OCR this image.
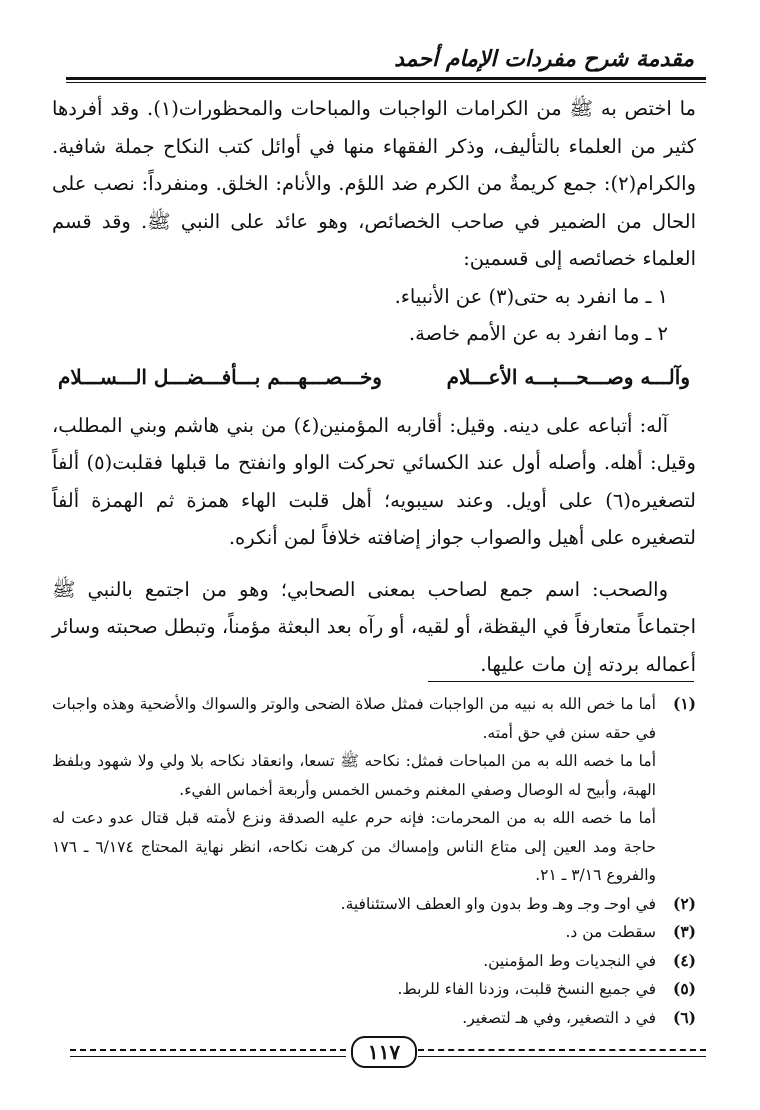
مقدمة شرح مفردات الإمام أحمد

ما اختص به ﷺ من الكرامات الواجبات والمباحات والمحظورات(١). وقد أفردها كثير من العلماء بالتأليف، وذكر الفقهاء منها في أوائل كتب النكاح جملة شافية. والكرام(٢): جمع كريمةٌ من الكرم ضد اللؤم. والأنام: الخلق. ومنفرداً: نصب على الحال من الضمير في صاحب الخصائص، وهو عائد على النبي ﷺ. وقد قسم العلماء خصائصه إلى قسمين:

١ ـ ما انفرد به حتى(٣) عن الأنبياء.

٢ ـ وما انفرد به عن الأمم خاصة.

وآلـــه وصـــحـــبـــه الأعـــلام
وخـــصـــهـــم بـــأفـــضـــل الـــســـلام

آله: أتباعه على دينه. وقيل: أقاربه المؤمنين(٤) من بني هاشم وبني المطلب، وقيل: أهله. وأصله أول عند الكسائي تحركت الواو وانفتح ما قبلها فقلبت(٥) ألفاً لتصغيره(٦) على أويل. وعند سيبويه؛ أهل قلبت الهاء همزة ثم الهمزة ألفاً لتصغيره على أهيل والصواب جواز إضافته خلافاً لمن أنكره.

والصحب: اسم جمع لصاحب بمعنى الصحابي؛ وهو من اجتمع بالنبي ﷺ اجتماعاً متعارفاً في اليقظة، أو لقيه، أو رآه بعد البعثة مؤمناً، وتبطل صحبته وسائر أعماله بردته إن مات عليها.

(١)
أما ما خص الله به نبيه من الواجبات فمثل صلاة الضحى والوتر والسواك والأضحية وهذه واجبات في حقه سنن في حق أمته.

أما ما خصه الله به من المباحات فمثل: نكاحه ﷺ تسعا، وانعقاد نكاحه بلا ولي ولا شهود وبلفظ الهبة، وأبيح له الوصال وصفي المغنم وخمس الخمس وأربعة أخماس الفيء.

أما ما خصه الله به من المحرمات: فإنه حرم عليه الصدقة ونزع لأمته قبل قتال عدو دعت له حاجة ومد العين إلى متاع الناس وإمساك من كرهت نكاحه، انظر نهاية المحتاج ٦/١٧٤ ـ ١٧٦ والفروع ٣/١٦ ـ ٢١.

(٢)
في اوحـ وجـ وهـ وط بدون واو العطف الاستئنافية.
(٣)
سقطت من د.
(٤)
في النجديات وط المؤمنين.
(٥)
في جميع النسخ قلبت، وزدنا الفاء للربط.
(٦)
في د التصغير، وفي هـ لتصغير.
١١٧
